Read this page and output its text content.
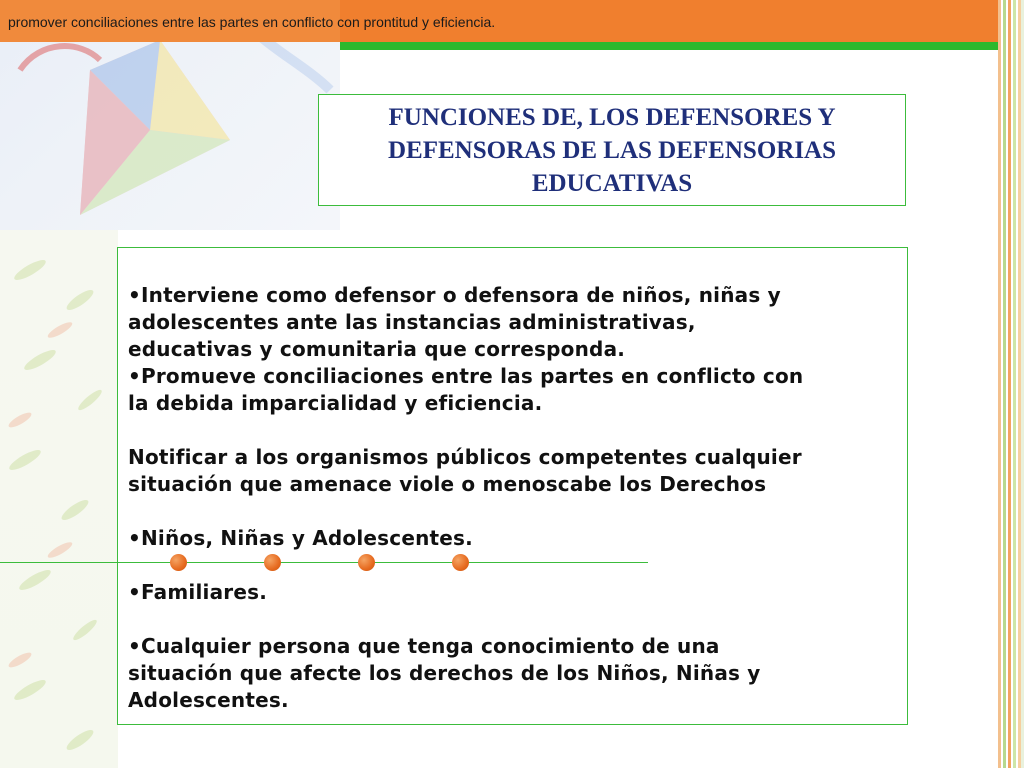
promover conciliaciones entre las partes en conflicto con prontitud y eficiencia.
FUNCIONES DE, LOS DEFENSORES Y
DEFENSORAS DE LAS DEFENSORIAS
EDUCATIVAS

•Interviene como defensor o defensora de niños, niñas y

adolescentes ante las instancias administrativas,

educativas y comunitaria que corresponda.

•Promueve conciliaciones entre las partes en conflicto con

la debida imparcialidad y eficiencia.

Notificar a los organismos públicos competentes cualquier

situación que amenace viole o menoscabe los Derechos

•Niños, Niñas y Adolescentes.

•Familiares.

•Cualquier persona que tenga conocimiento de una

situación que afecte los derechos de los Niños, Niñas y

Adolescentes.
